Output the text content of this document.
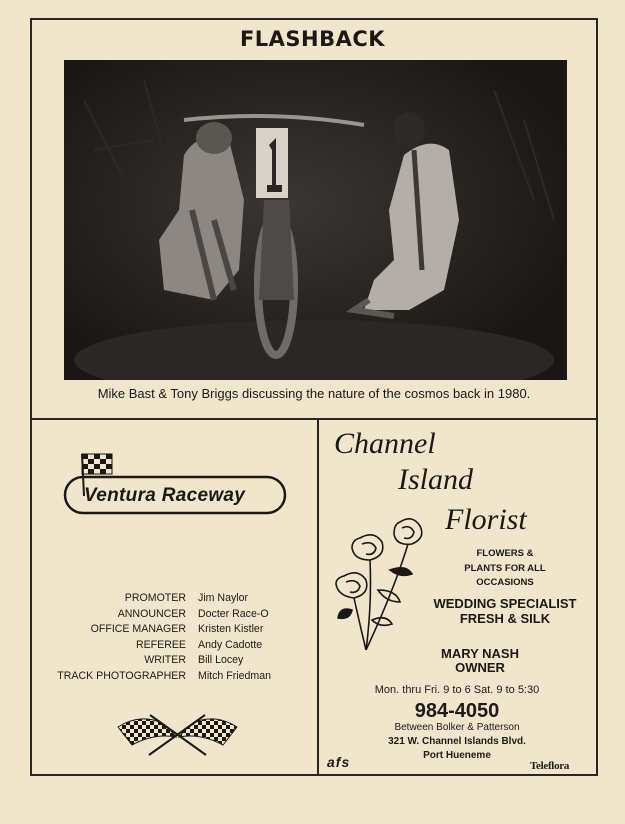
FLASHBACK
Mike Bast & Tony Briggs discussing the nature of the cosmos back in 1980.
Ventura Raceway
PROMOTER Jim Naylor
ANNOUNCER Docter Race-O
OFFICE MANAGER Kristen Kistler
REFEREE Andy Cadotte
WRITER Bill Locey
TRACK PHOTOGRAPHER Mitch Friedman
Channel
Island
Florist
FLOWERS &
PLANTS FOR ALL
OCCASIONS
WEDDING SPECIALIST
FRESH & SILK
MARY NASH
OWNER
Mon. thru Fri. 9 to 6 Sat. 9 to 5:30
984-4050
Between Bolker & Patterson
321 W. Channel Islands Blvd.
Port Hueneme
afs	Teleflora
